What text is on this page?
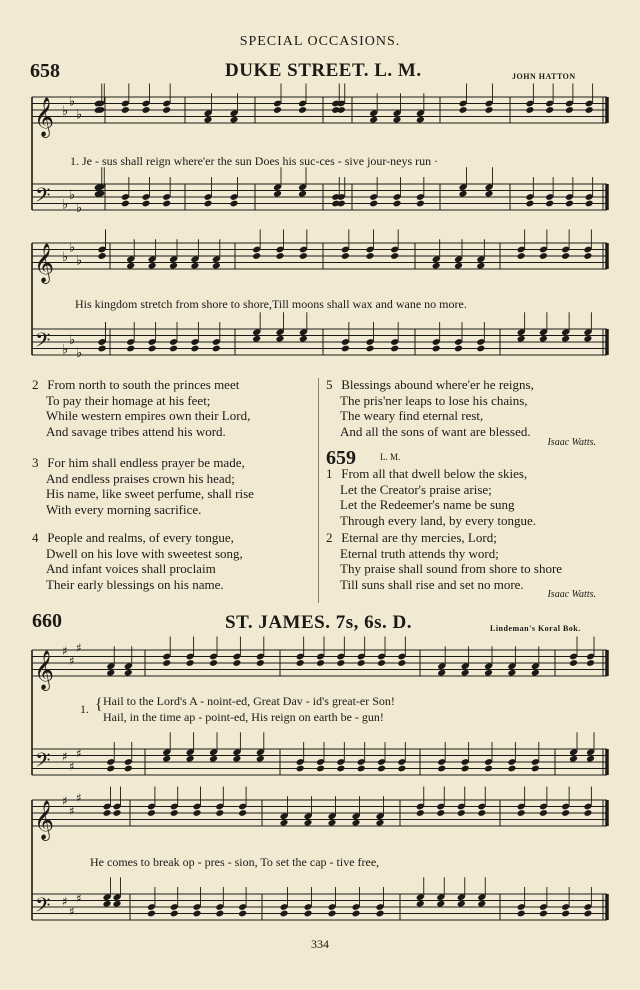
SPECIAL OCCASIONS.
658	DUKE STREET. L. M.	JOHN HATTON
𝄞
𝄢
♭
♭
♭
♭
♭
♭
1. Je - sus shall reign where'er the sun Does his suc-ces - sive jour-neys run ·
𝄞
𝄢
♭
♭
♭
♭
♭
♭
His kingdom stretch from shore to shore,Till moons shall wax and wane no more.
2 From north to south the princes meet
To pay their homage at his feet;
While western empires own their Lord,
And savage tribes attend his word.
3 For him shall endless prayer be made,
And endless praises crown his head;
His name, like sweet perfume, shall rise
With every morning sacrifice.
4 People and realms, of every tongue,
Dwell on his love with sweetest song,
And infant voices shall proclaim
Their early blessings on his name.
5 Blessings abound where'er he reigns,
The pris'ner leaps to lose his chains,
The weary find eternal rest,
And all the sons of want are blessed.
Isaac Watts.
659	L. M.
1 From all that dwell below the skies,
Let the Creator's praise arise;
Let the Redeemer's name be sung
Through every land, by every tongue.
2 Eternal are thy mercies, Lord;
Eternal truth attends thy word;
Thy praise shall sound from shore to shore
Till suns shall rise and set no more.
Isaac Watts.
660	ST. JAMES. 7s, 6s. D.	Lindeman's Koral Bok.
𝄞
𝄢
♯
♯
♯
♯
♯
♯
1. { Hail to the Lord's A - noint-ed, Great Dav - id's great-er Son!
Hail, in the time ap - point-ed, His reign on earth be - gun!
𝄞
𝄢
♯
♯
♯
♯
♯
♯
He comes to break op - pres - sion, To set the cap - tive free,
334
